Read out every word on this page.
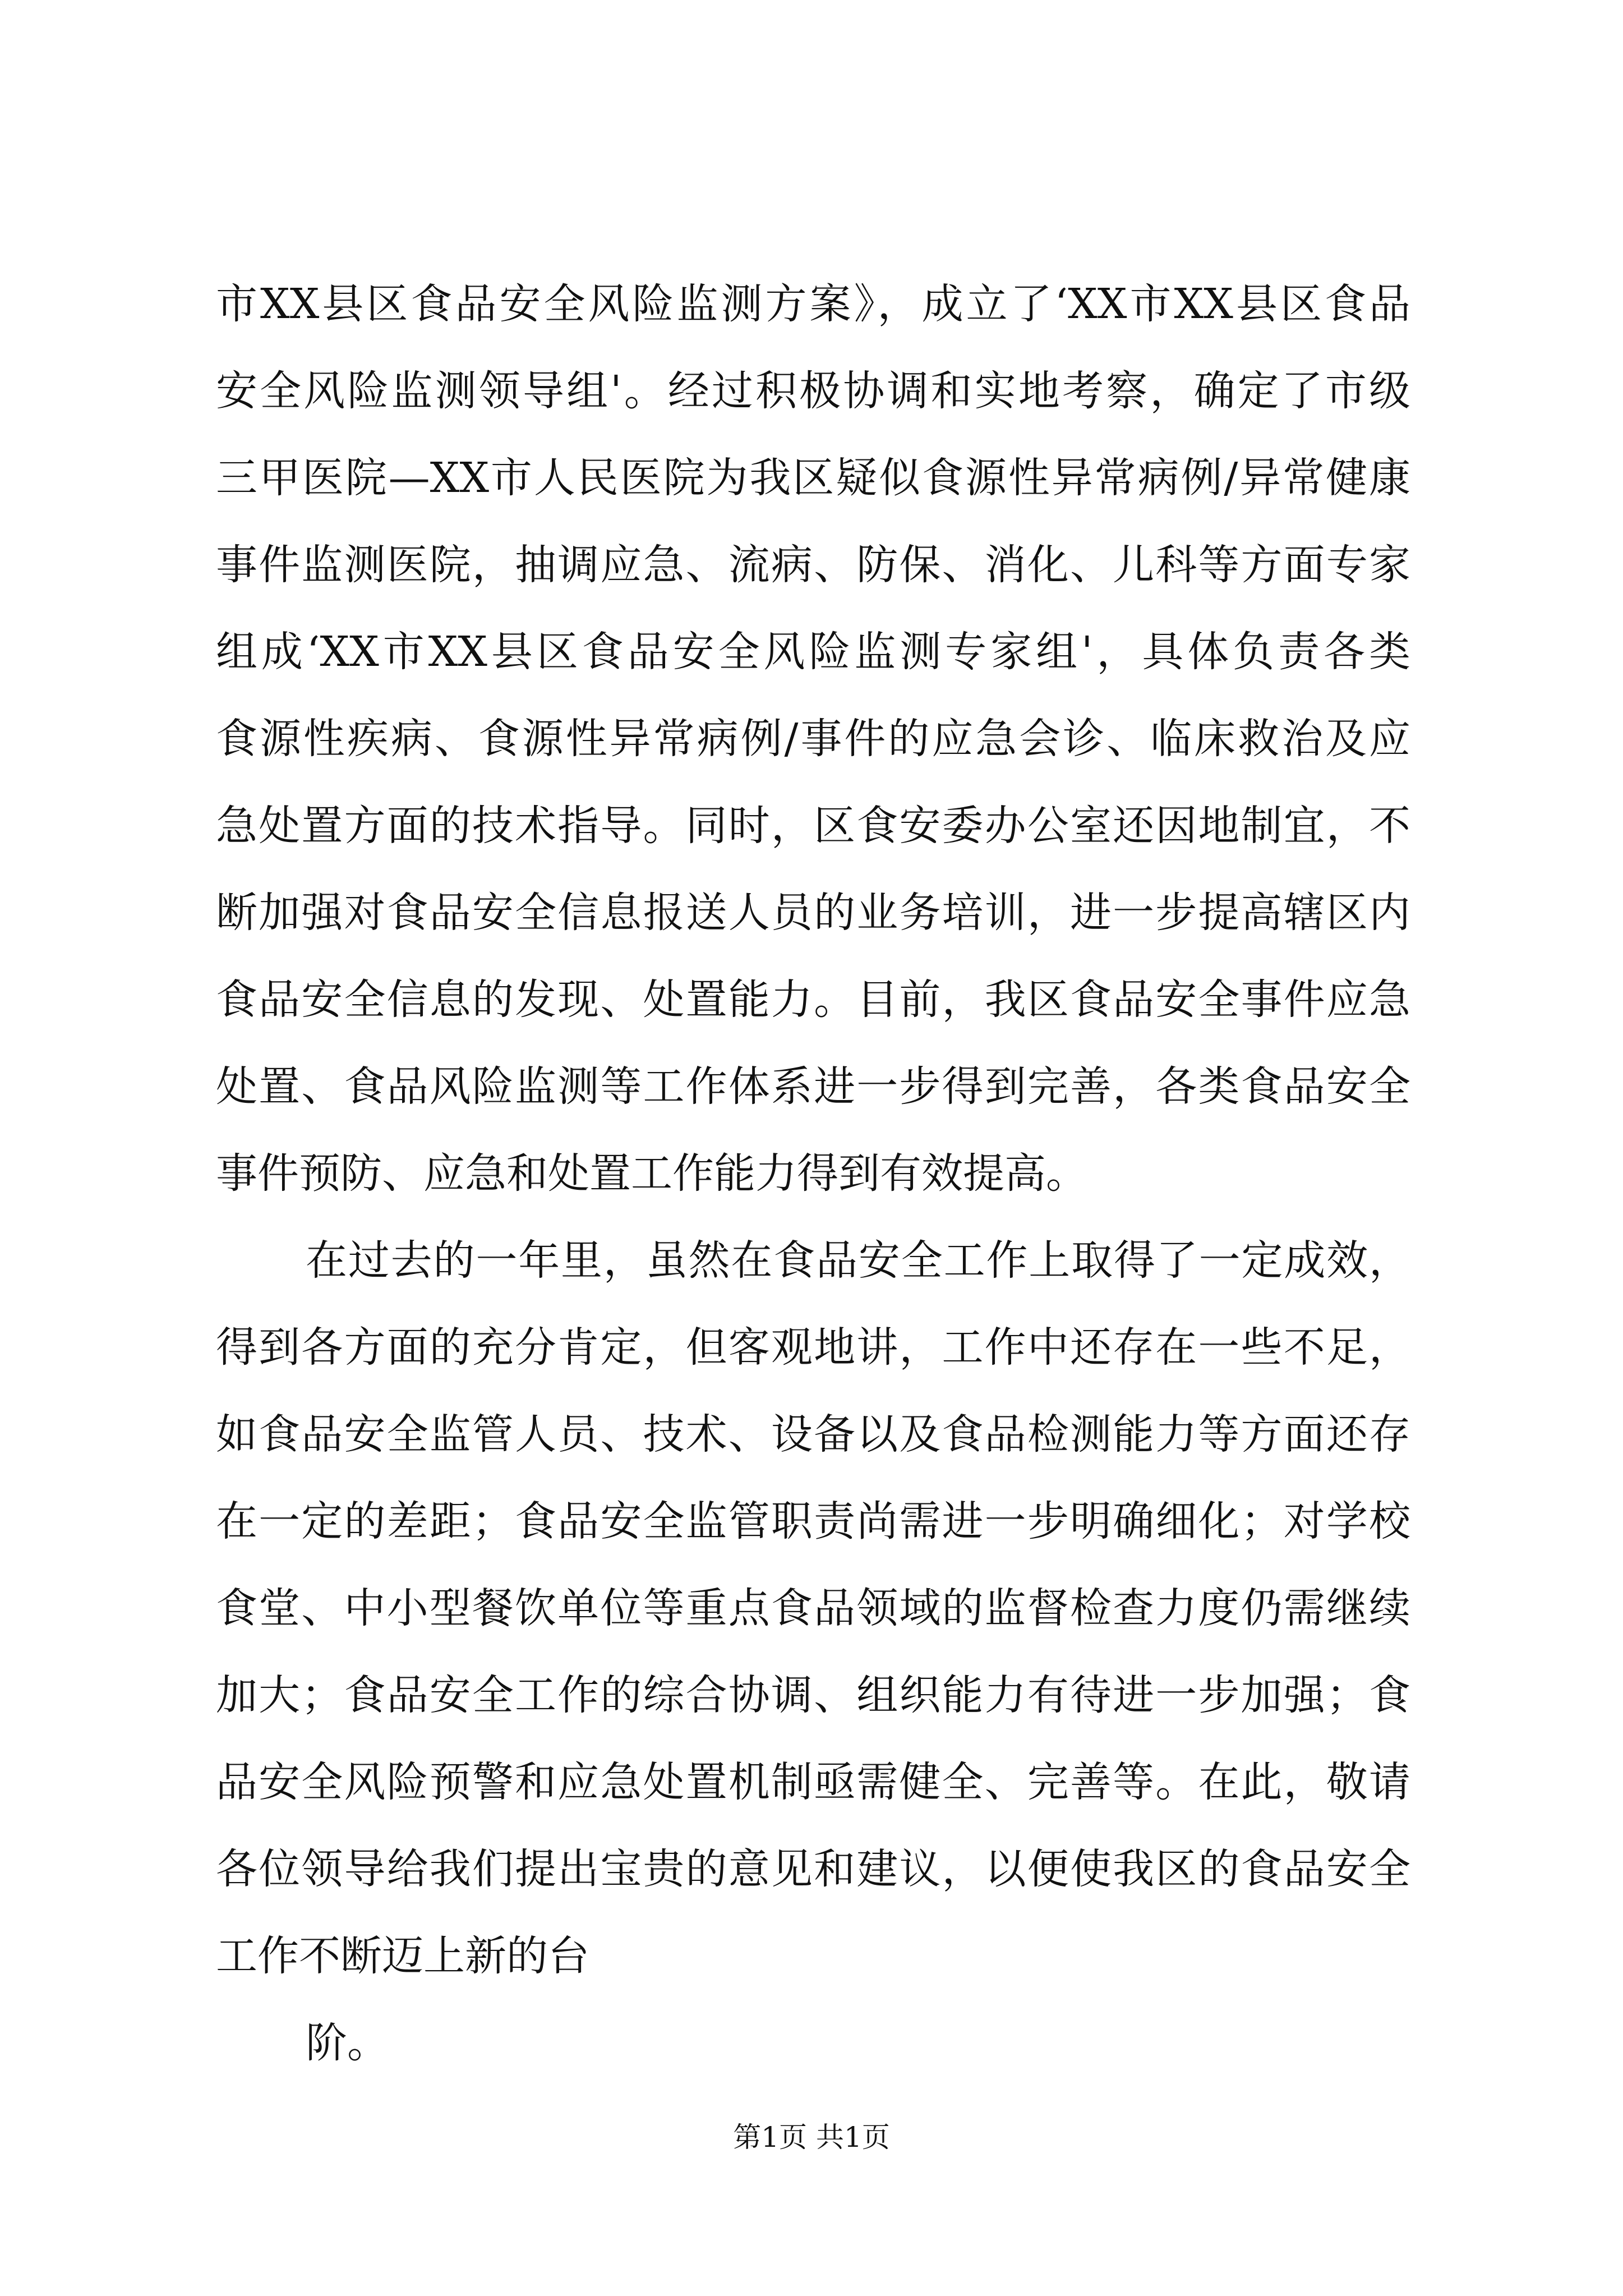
市XX县区食品安全风险监测方案》，成立了‘XX市XX县区食品
安全风险监测领导组'。经过积极协调和实地考察，确定了市级
三甲医院—XX市人民医院为我区疑似食源性异常病例/异常健康
事件监测医院，抽调应急、流病、防保、消化、儿科等方面专家
组成‘XX市XX县区食品安全风险监测专家组'，具体负责各类
食源性疾病、食源性异常病例/事件的应急会诊、临床救治及应
急处置方面的技术指导。同时，区食安委办公室还因地制宜，不
断加强对食品安全信息报送人员的业务培训，进一步提高辖区内
食品安全信息的发现、处置能力。目前，我区食品安全事件应急
处置、食品风险监测等工作体系进一步得到完善，各类食品安全
事件预防、应急和处置工作能力得到有效提高。
在过去的一年里，虽然在食品安全工作上取得了一定成效，
得到各方面的充分肯定，但客观地讲，工作中还存在一些不足，
如食品安全监管人员、技术、设备以及食品检测能力等方面还存
在一定的差距；食品安全监管职责尚需进一步明确细化；对学校
食堂、中小型餐饮单位等重点食品领域的监督检查力度仍需继续
加大；食品安全工作的综合协调、组织能力有待进一步加强；食
品安全风险预警和应急处置机制亟需健全、完善等。在此，敬请
各位领导给我们提出宝贵的意见和建议，以便使我区的食品安全
工作不断迈上新的台
阶。
第1页 共1页
